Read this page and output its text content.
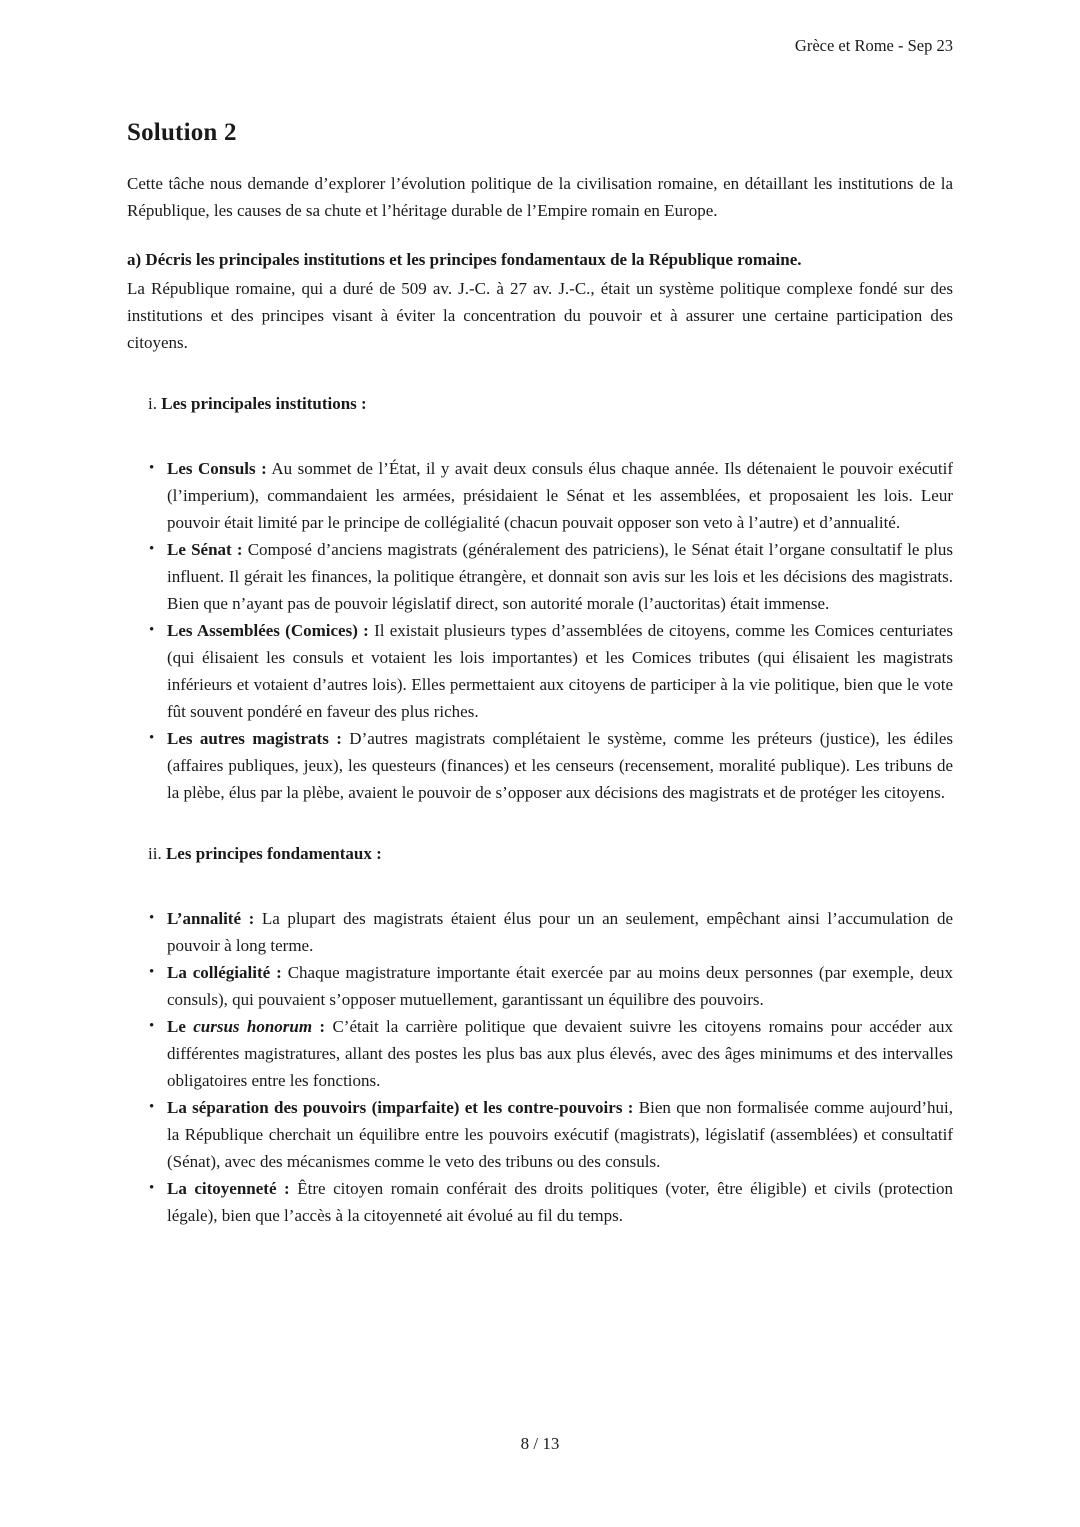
Grèce et Rome - Sep 23
Solution 2

Cette tâche nous demande d’explorer l’évolution politique de la civilisation romaine, en détaillant les institutions de la République, les causes de sa chute et l’héritage durable de l’Empire romain en Europe.

a) Décris les principales institutions et les principes fondamentaux de la République romaine.

La République romaine, qui a duré de 509 av. J.-C. à 27 av. J.-C., était un système politique complexe fondé sur des institutions et des principes visant à éviter la concentration du pouvoir et à assurer une certaine participation des citoyens.

i. Les principales institutions :

• Les Consuls : Au sommet de l’État, il y avait deux consuls élus chaque année. Ils détenaient le pouvoir exécutif (l’imperium), commandaient les armées, présidaient le Sénat et les assemblées, et proposaient les lois. Leur pouvoir était limité par le principe de collégialité (chacun pouvait opposer son veto à l’autre) et d’annualité.
• Le Sénat : Composé d’anciens magistrats (généralement des patriciens), le Sénat était l’organe consultatif le plus influent. Il gérait les finances, la politique étrangère, et donnait son avis sur les lois et les décisions des magistrats. Bien que n’ayant pas de pouvoir législatif direct, son autorité morale (l’auctoritas) était immense.
• Les Assemblées (Comices) : Il existait plusieurs types d’assemblées de citoyens, comme les Comices centuriates (qui élisaient les consuls et votaient les lois importantes) et les Comices tributes (qui élisaient les magistrats inférieurs et votaient d’autres lois). Elles permettaient aux citoyens de participer à la vie politique, bien que le vote fût souvent pondéré en faveur des plus riches.
• Les autres magistrats : D’autres magistrats complétaient le système, comme les préteurs (justice), les édiles (affaires publiques, jeux), les questeurs (finances) et les censeurs (recensement, moralité publique). Les tribuns de la plèbe, élus par la plèbe, avaient le pouvoir de s’opposer aux décisions des magistrats et de protéger les citoyens.

ii. Les principes fondamentaux :

• L’annalité : La plupart des magistrats étaient élus pour un an seulement, empêchant ainsi l’accumulation de pouvoir à long terme.
• La collégialité : Chaque magistrature importante était exercée par au moins deux personnes (par exemple, deux consuls), qui pouvaient s’opposer mutuellement, garantissant un équilibre des pouvoirs.
• Le cursus honorum : C’était la carrière politique que devaient suivre les citoyens romains pour accéder aux différentes magistratures, allant des postes les plus bas aux plus élevés, avec des âges minimums et des intervalles obligatoires entre les fonctions.
• La séparation des pouvoirs (imparfaite) et les contre-pouvoirs : Bien que non formalisée comme aujourd’hui, la République cherchait un équilibre entre les pouvoirs exécutif (magistrats), législatif (assemblées) et consultatif (Sénat), avec des mécanismes comme le veto des tribuns ou des consuls.
• La citoyenneté : Être citoyen romain conférait des droits politiques (voter, être éligible) et civils (protection légale), bien que l’accès à la citoyenneté ait évolué au fil du temps.
8 / 13
